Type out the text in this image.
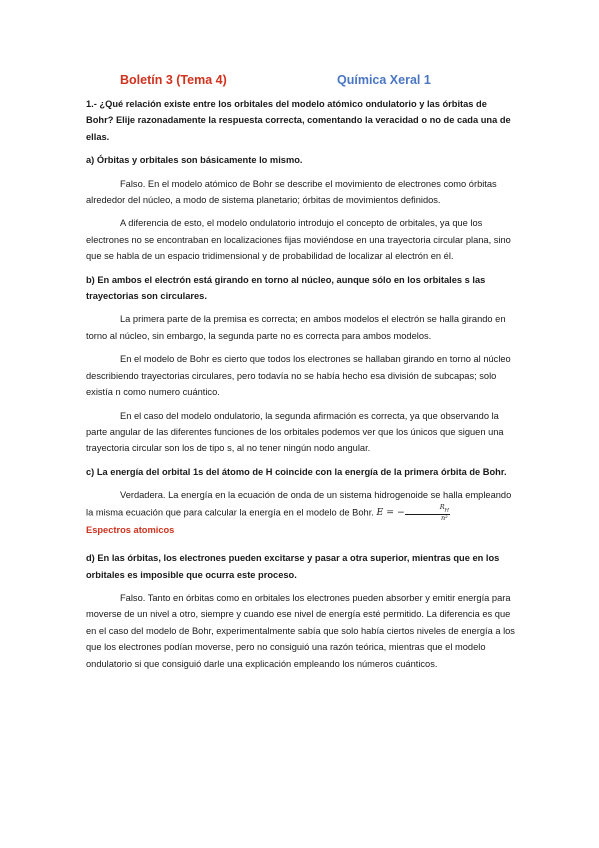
Boletín 3 (Tema 4)	Química Xeral 1

1.- ¿Qué relación existe entre los orbitales del modelo atómico ondulatorio y las órbitas de Bohr? Elije razonadamente la respuesta correcta, comentando la veracidad o no de cada una de ellas.

a) Órbitas y orbitales son básicamente lo mismo.

Falso. En el modelo atómico de Bohr se describe el movimiento de electrones como órbitas alrededor del núcleo, a modo de sistema planetario; órbitas de movimientos definidos.

A diferencia de esto, el modelo ondulatorio introdujo el concepto de orbitales, ya que los electrones no se encontraban en localizaciones fijas moviéndose en una trayectoria circular plana, sino que se habla de un espacio tridimensional y de probabilidad de localizar al electrón en él.

b) En ambos el electrón está girando en torno al núcleo, aunque sólo en los orbitales s las trayectorias son circulares.

La primera parte de la premisa es correcta; en ambos modelos el electrón se halla girando en torno al núcleo, sin embargo, la segunda parte no es correcta para ambos modelos.

En el modelo de Bohr es cierto que todos los electrones se hallaban girando en torno al núcleo describiendo trayectorias circulares, pero todavía no se había hecho esa división de subcapas; solo existía n como numero cuántico.

En el caso del modelo ondulatorio, la segunda afirmación es correcta, ya que observando la parte angular de las diferentes funciones de los orbitales podemos ver que los únicos que siguen una trayectoria circular son los de tipo s, al no tener ningún nodo angular.

c) La energía del orbital 1s del átomo de H coincide con la energía de la primera órbita de Bohr.

Verdadera. La energía en la ecuación de onda de un sistema hidrogenoide se halla empleando la misma ecuación que para calcular la energía en el modelo de Bohr. E = − $\frac{R_H}{\text{n²}}$

Espectros atomicos

d) En las órbitas, los electrones pueden excitarse y pasar a otra superior, mientras que en los orbitales es imposible que ocurra este proceso.

Falso. Tanto en órbitas como en orbitales los electrones pueden absorber y emitir energía para moverse de un nivel a otro, siempre y cuando ese nivel de energía esté permitido. La diferencia es que en el caso del modelo de Bohr, experimentalmente sabía que solo había ciertos niveles de energía a los que los electrones podían moverse, pero no consiguió una razón teórica, mientras que el modelo ondulatorio si que consiguió darle una explicación empleando los números cuánticos.
